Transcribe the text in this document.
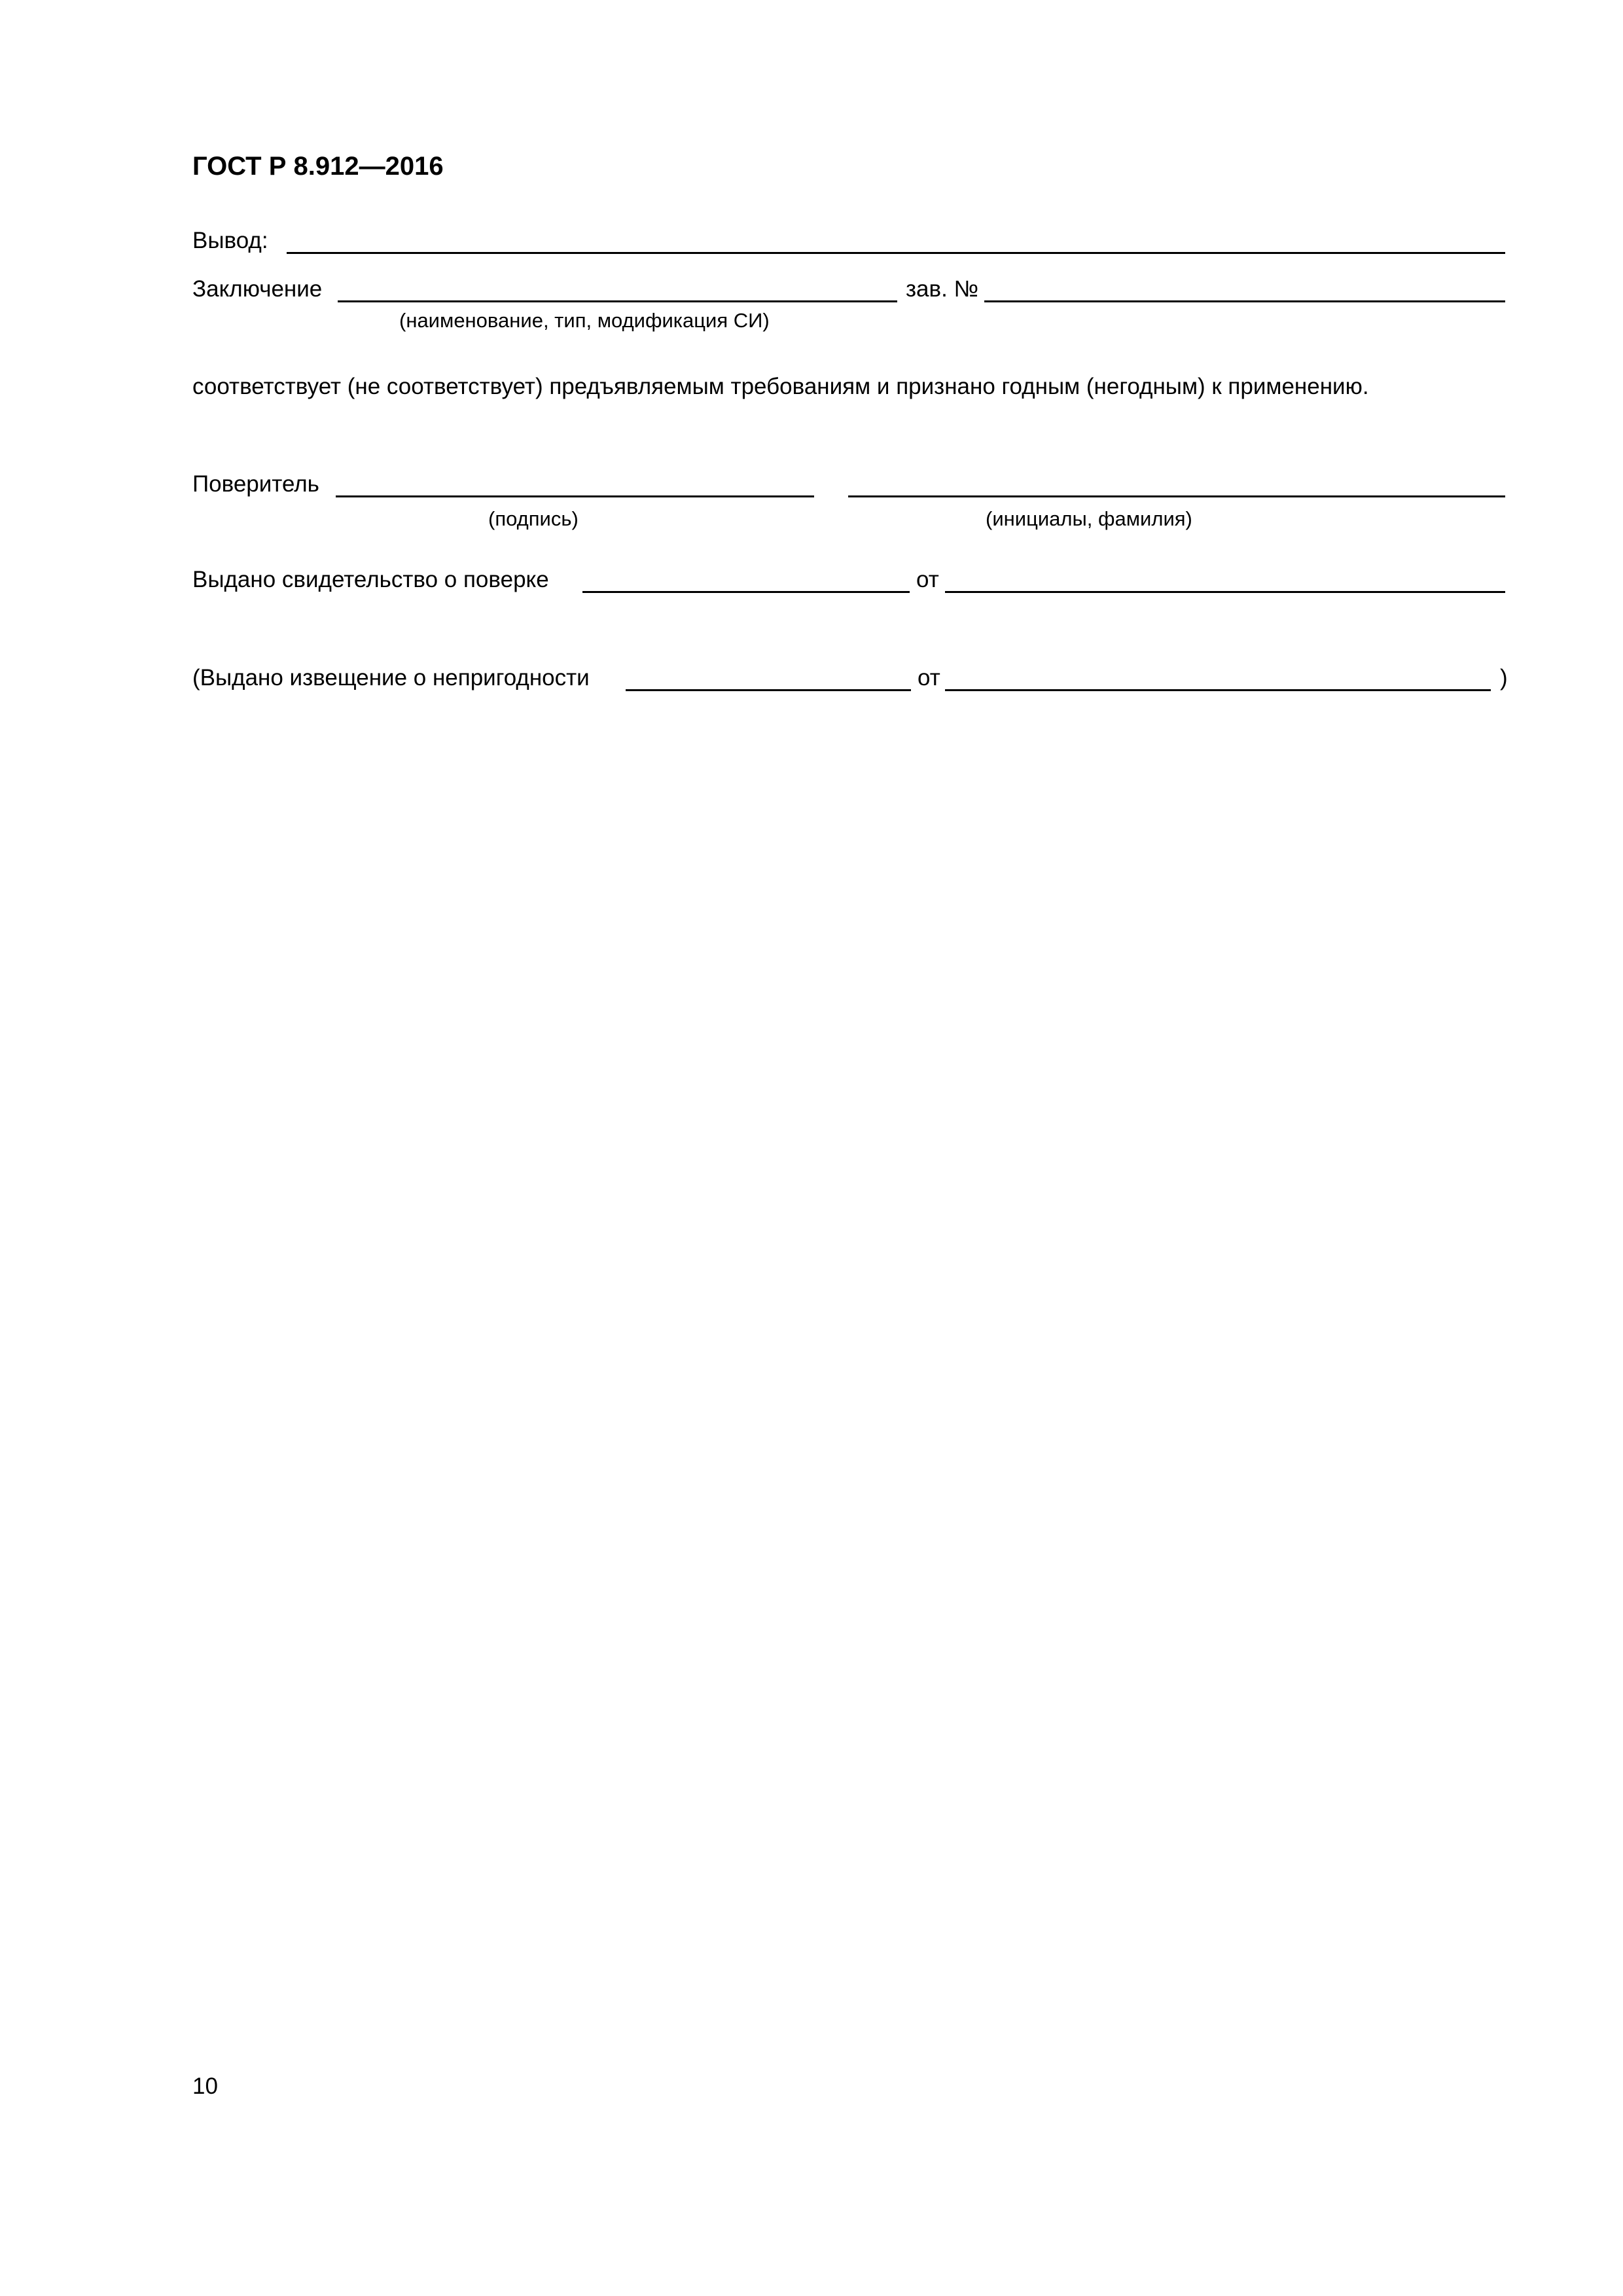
ГОСТ Р 8.912—2016
Вывод:
Заключение	зав. №
(наименование, тип, модификация СИ)
соответствует (не соответствует) предъявляемым требованиям и признано годным (негодным) к применению.
Поверитель
(подпись)	(инициалы, фамилия)
Выдано свидетельство о поверке	от
(Выдано извещение о непригодности	от	)
10
